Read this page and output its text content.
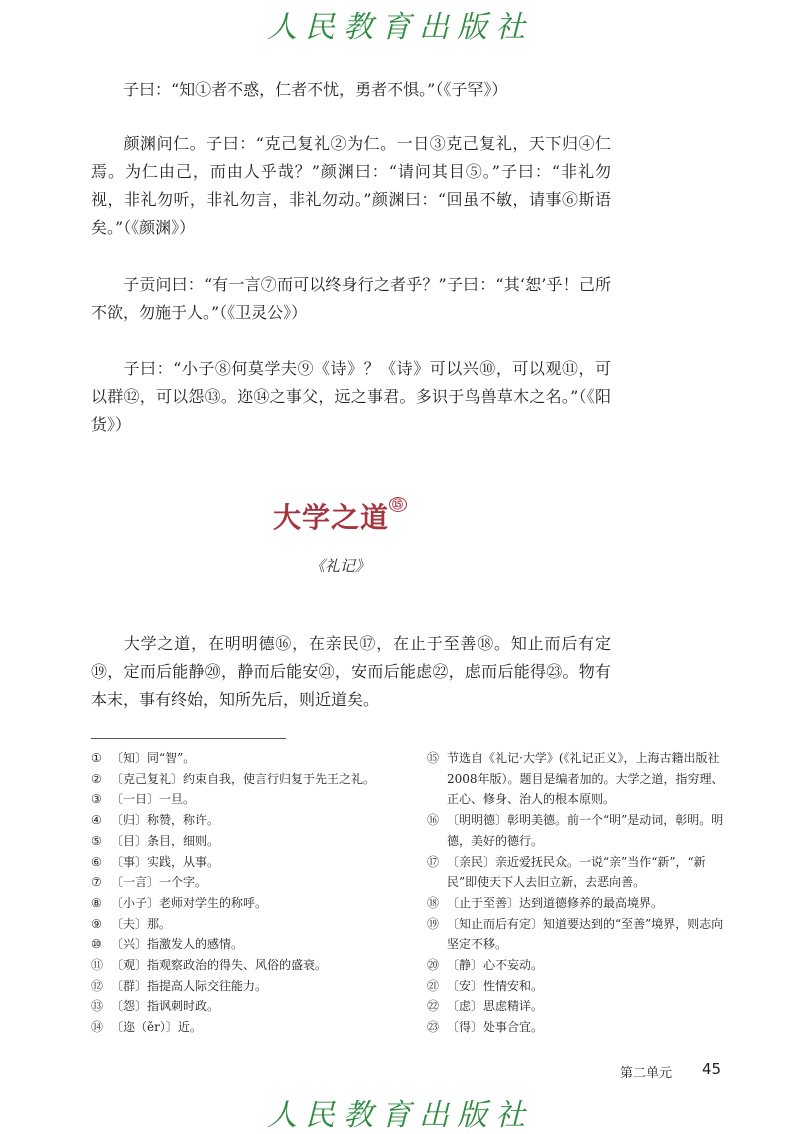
人民教育出版社

子曰：“知①者不惑，仁者不忧，勇者不惧。”（《子罕》）

颜渊问仁。子曰：“克己复礼②为仁。一日③克己复礼，天下归④仁焉。为仁由己，而由人乎哉？”颜渊曰：“请问其目⑤。”子曰：“非礼勿视，非礼勿听，非礼勿言，非礼勿动。”颜渊曰：“回虽不敏，请事⑥斯语矣。”（《颜渊》）

子贡问曰：“有一言⑦而可以终身行之者乎？”子曰：“其‘恕’乎！己所不欲，勿施于人。”（《卫灵公》）

子曰：“小子⑧何莫学夫⑨《诗》？《诗》可以兴⑩，可以观⑪，可以群⑫，可以怨⑬。迩⑭之事父，远之事君。多识于鸟兽草木之名。”（《阳货》）

大学之道 ⑮
《礼记》

大学之道，在明明德⑯，在亲民⑰，在止于至善⑱。知止而后有定⑲，定而后能静⑳，静而后能安㉑，安而后能虑㉒，虑而后能得㉓。物有本末，事有终始，知所先后，则近道矣。

① 〔知〕同“智”。
② 〔克己复礼〕约束自我，使言行归复于先王之礼。
③ 〔一日〕一旦。
④ 〔归〕称赞，称许。
⑤ 〔目〕条目，细则。
⑥ 〔事〕实践，从事。
⑦ 〔一言〕一个字。
⑧ 〔小子〕老师对学生的称呼。
⑨ 〔夫〕那。
⑩ 〔兴〕指激发人的感情。
⑪ 〔观〕指观察政治的得失、风俗的盛衰。
⑫ 〔群〕指提高人际交往能力。
⑬ 〔怨〕指讽刺时政。
⑭ 〔迩（ěr）〕近。
⑮ 节选自《礼记·大学》(《礼记正义》，上海古籍出版社2008年版）。题目是编者加的。大学之道，指穷理、正心、修身、治人的根本原则。
⑯ 〔明明德〕彰明美德。前一个“明”是动词，彰明。明德，美好的德行。
⑰ 〔亲民〕亲近爱抚民众。一说“亲”当作“新”，“新民”即使天下人去旧立新，去恶向善。
⑱ 〔止于至善〕达到道德修养的最高境界。
⑲ 〔知止而后有定〕知道要达到的“至善”境界，则志向坚定不移。
⑳ 〔静〕心不妄动。
㉑ 〔安〕性情安和。
㉒ 〔虑〕思虑精详。
㉓ 〔得〕处事合宜。
第二单元 45
人民教育出版社
